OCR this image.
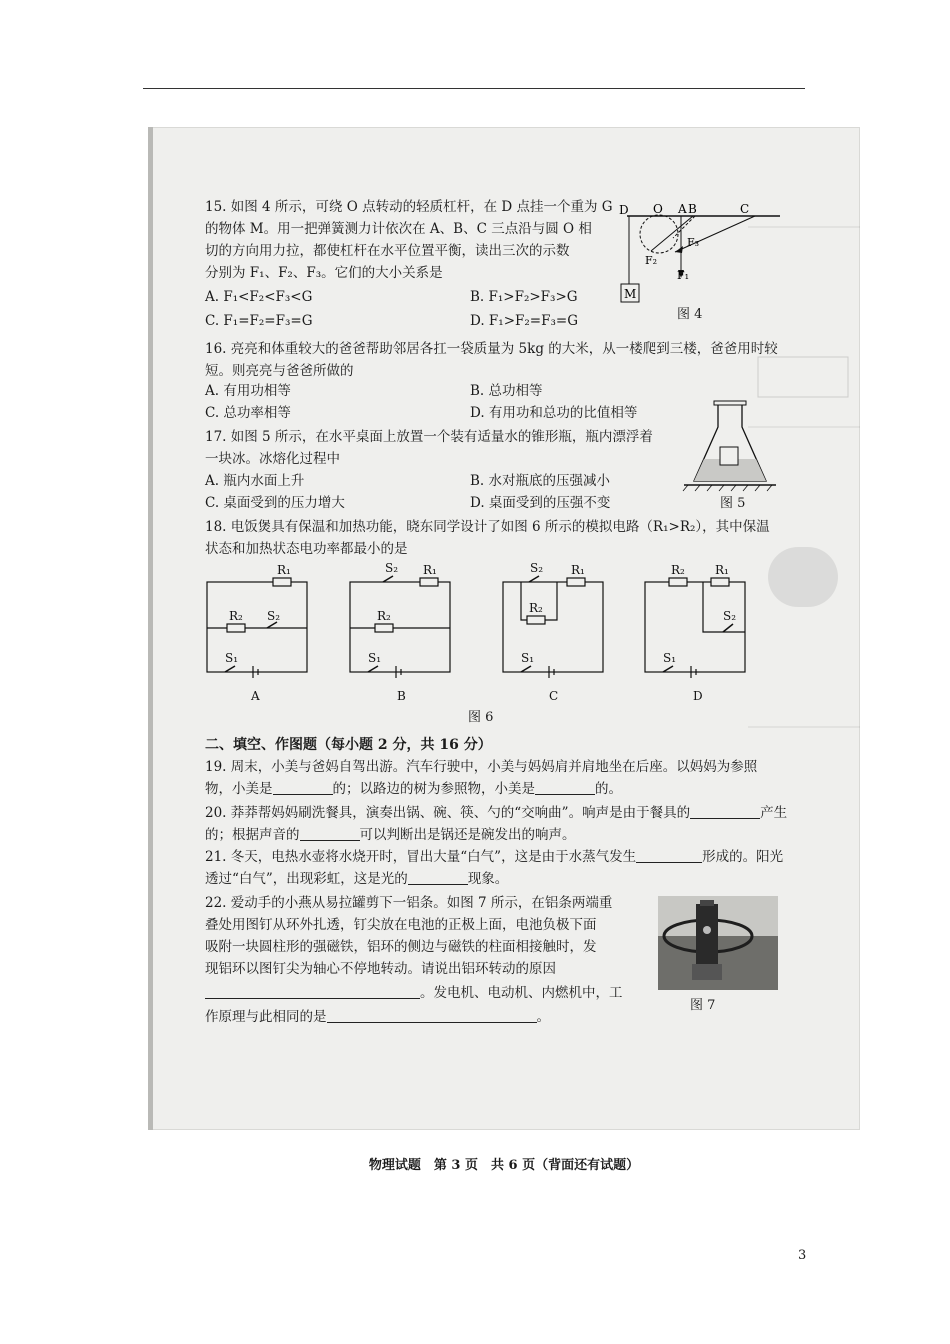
物理试题　第 3 页　共 6 页（背面还有试题）
15. 如图 4 所示，可绕 O 点转动的轻质杠杆，在 D 点挂一个重为 G
的物体 M。用一把弹簧测力计依次在 A、B、C 三点沿与圆 O 相
切的方向用力拉，都使杠杆在水平位置平衡，读出三次的示数
分别为 F₁、F₂、F₃。它们的大小关系是
A. F₁<F₂<F₃<G	B. F₁>F₂>F₃>G
C. F₁=F₂=F₃=G	D. F₁>F₂=F₃=G
D O A B	C
F₁
F₂
F₃
M
图 4
16. 亮亮和体重较大的爸爸帮助邻居各扛一袋质量为 5kg 的大米，从一楼爬到三楼，爸爸用时较
短。则亮亮与爸爸所做的
A. 有用功相等	B. 总功相等
C. 总功率相等	D. 有用功和总功的比值相等
17. 如图 5 所示，在水平桌面上放置一个装有适量水的锥形瓶，瓶内漂浮着
一块冰。冰熔化过程中
A. 瓶内水面上升	B. 水对瓶底的压强减小
C. 桌面受到的压力增大	D. 桌面受到的压强不变	图 5
18. 电饭煲具有保温和加热功能，晓东同学设计了如图 6 所示的模拟电路（R₁>R₂），其中保温
状态和加热状态电功率都最小的是
R₁
R₂ S₂
S₁
A
S₂ R₁
R₂
S₁
B
S₂ R₁
R₂
S₁
C
R₂	R₁
S₂
S₁
D
图 6
二、填空、作图题（每小题 2 分，共 16 分）
19. 周末，小美与爸妈自驾出游。汽车行驶中，小美与妈妈肩并肩地坐在后座。以妈妈为参照
物，小美是	的；以路边的树为参照物，小美是	的。
20. 莽莽帮妈妈刷洗餐具，演奏出锅、碗、筷、勺的“交响曲”。响声是由于餐具的	产生
的；根据声音的	可以判断出是锅还是碗发出的响声。
21. 冬天，电热水壶将水烧开时，冒出大量“白气”，这是由于水蒸气发生	形成的。阳光
透过“白气”，出现彩虹，这是光的	现象。
22. 爱动手的小燕从易拉罐剪下一铝条。如图 7 所示，在铝条两端重
叠处用图钉从环外扎透，钉尖放在电池的正极上面，电池负极下面
吸附一块圆柱形的强磁铁，铝环的侧边与磁铁的柱面相接触时，发
现铝环以图钉尖为轴心不停地转动。请说出铝环转动的原因
。发电机、电动机、内燃机中，工
作原理与此相同的是	。
图 7
3
